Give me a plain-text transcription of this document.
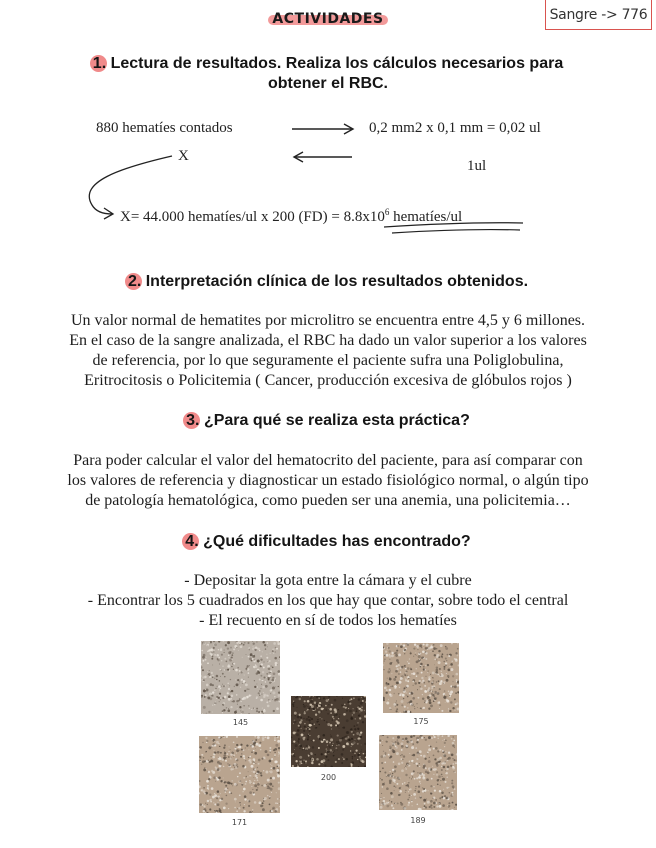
Sangre -> 776
ACTIVIDADES
1. Lectura de resultados. Realiza los cálculos necesarios para
obtener el RBC.
880 hematíes contados	0,2 mm2 x 0,1 mm = 0,02 ul
X
1ul
X= 44.000 hematíes/ul x 200 $(FD) = 8.8x10^6$ hematíes/ul
2. Interpretación clínica de los resultados obtenidos.
Un valor normal de hematites por microlitro se encuentra entre 4,5 y 6 millones.
En el caso de la sangre analizada, el RBC ha dado un valor superior a los valores
de referencia, por lo que seguramente el paciente sufra una Poliglobulina,
Eritrocitosis o Policitemia ( Cancer, producción excesiva de glóbulos rojos )
3. ¿Para qué se realiza esta práctica?
Para poder calcular el valor del hematocrito del paciente, para así comparar con
los valores de referencia y diagnosticar un estado fisiológico normal, o algún tipo
de patología hematológica, como pueden ser una anemia, una policitemia…
4. ¿Qué dificultades has encontrado?
- Depositar la gota entre la cámara y el cubre
- Encontrar los 5 cuadrados en los que hay que contar, sobre todo el central
- El recuento en sí de todos los hematíes
145	175
200
171	189
